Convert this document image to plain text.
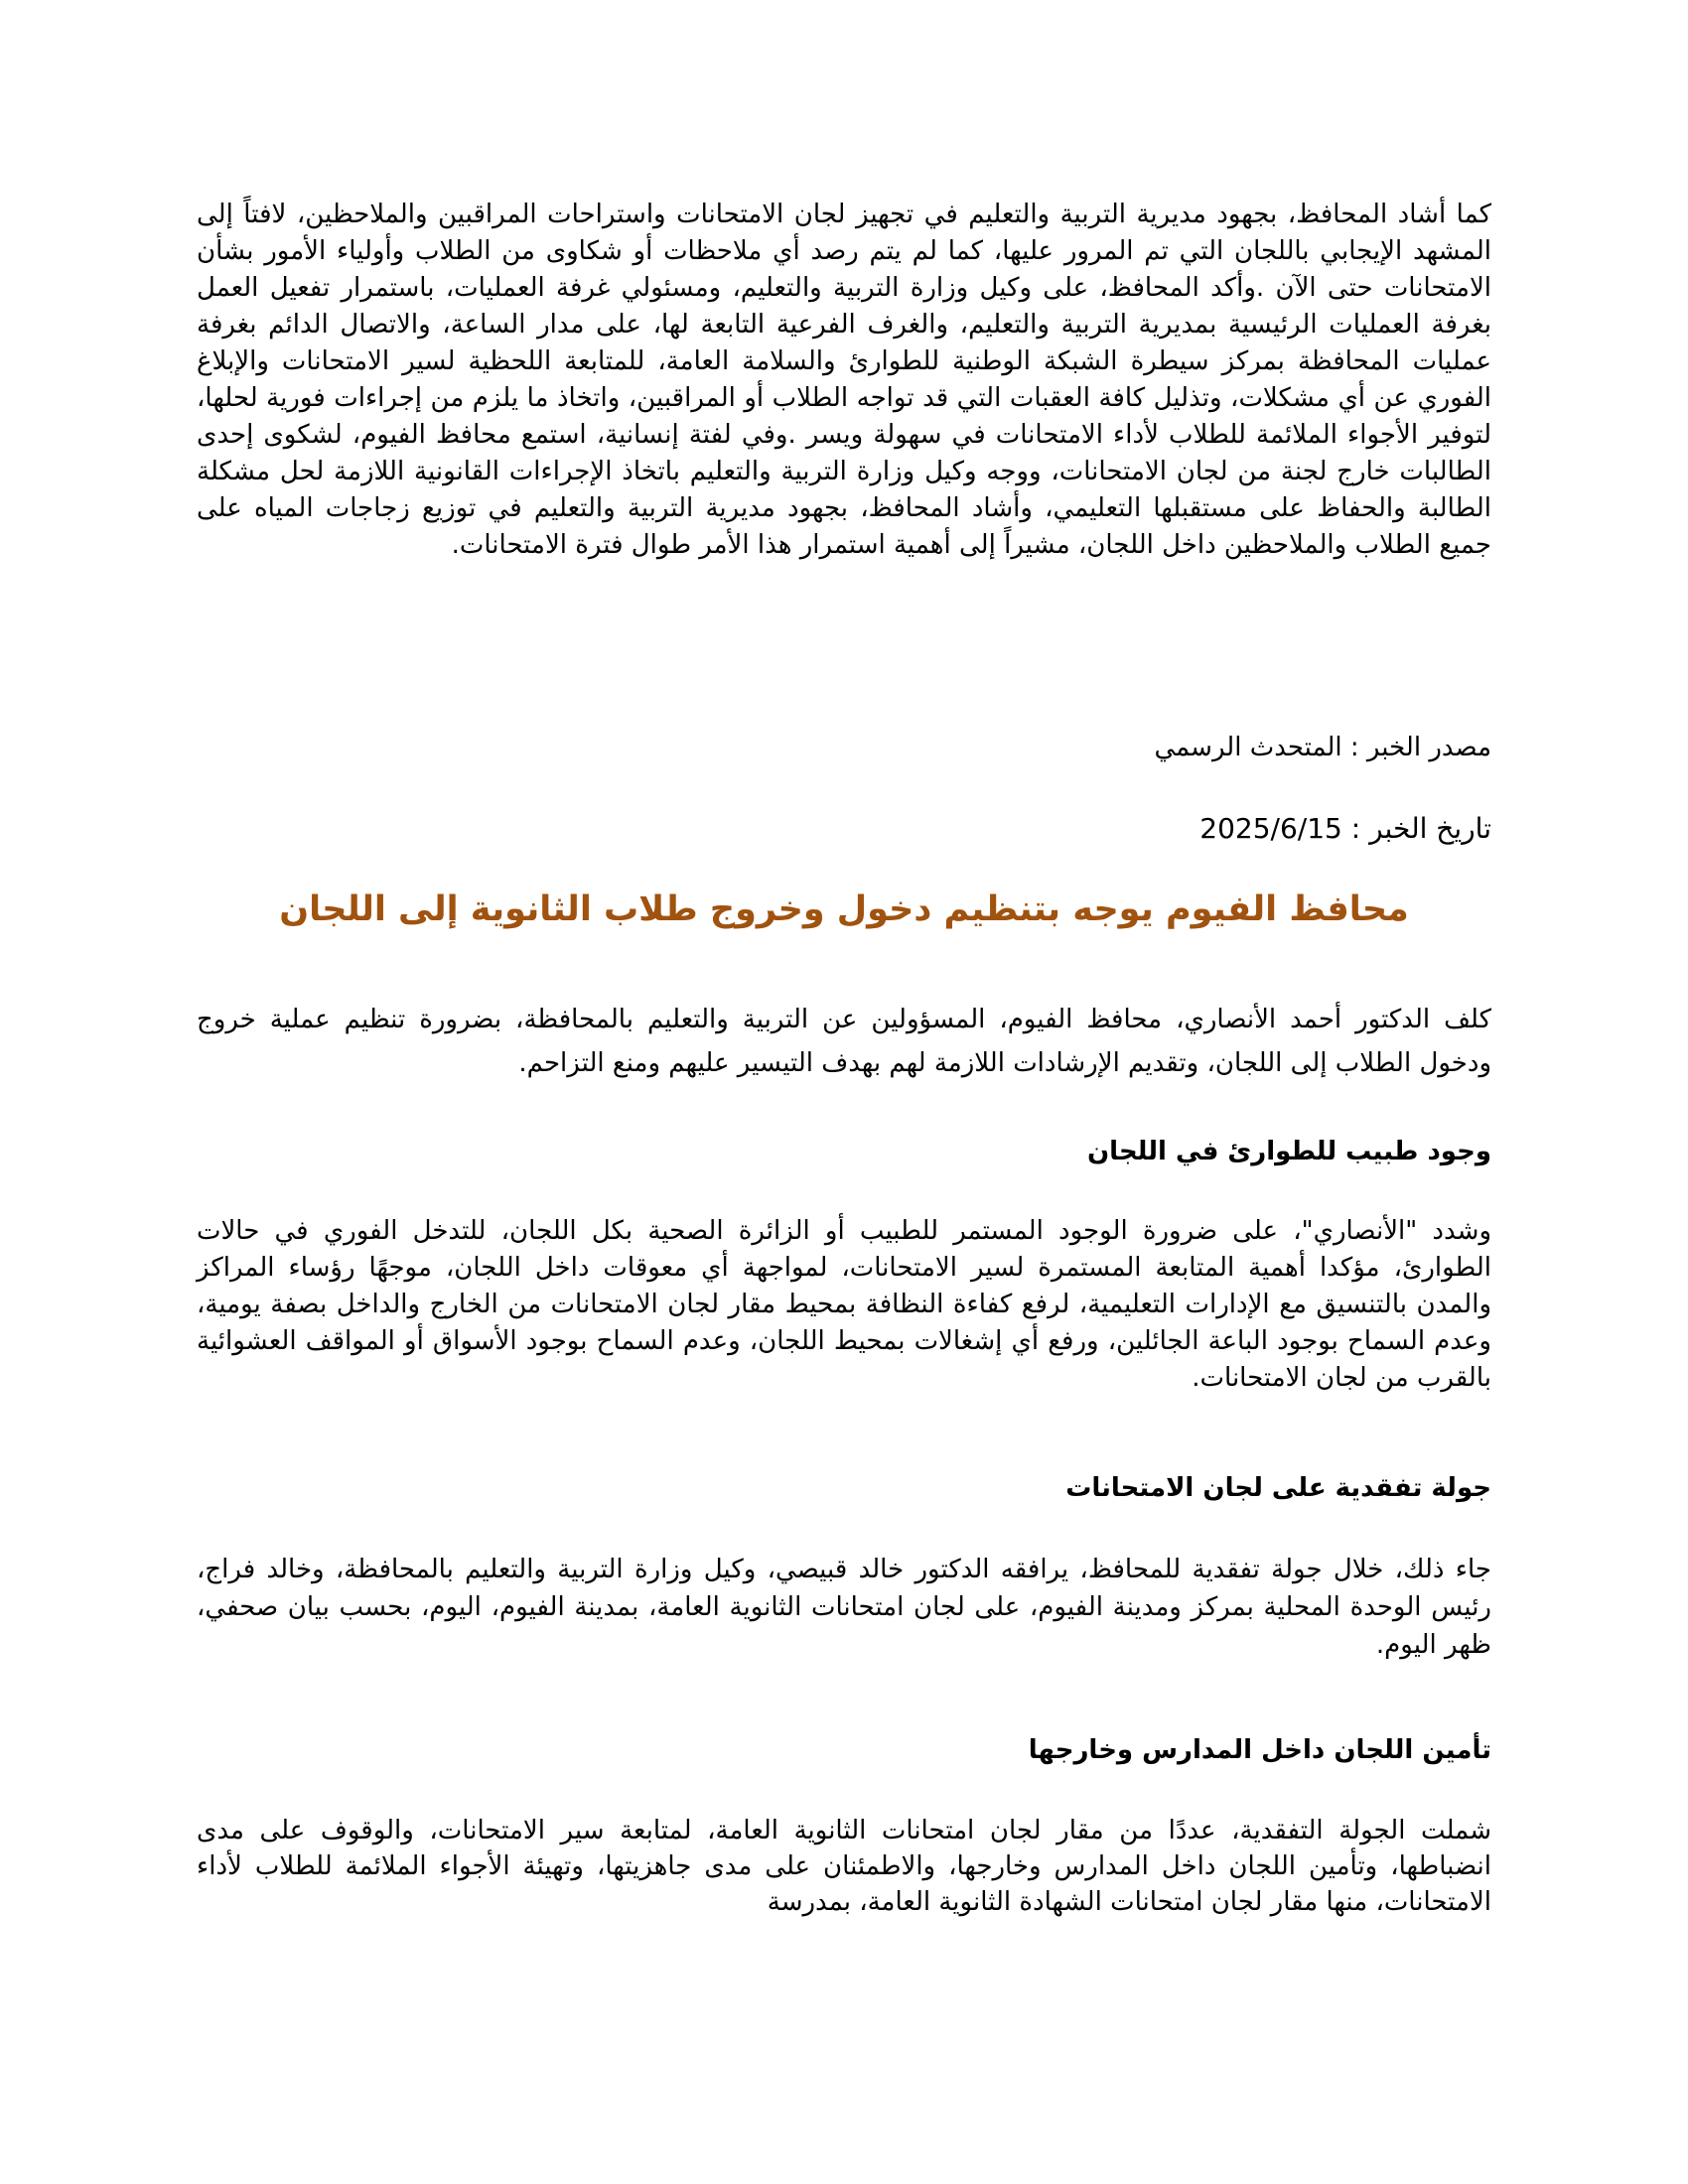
كما أشاد المحافظ، بجهود مديرية التربية والتعليم في تجهيز لجان الامتحانات واستراحات المراقبين والملاحظين، لافتاً إلى المشهد الإيجابي باللجان التي تم المرور عليها، كما لم يتم رصد أي ملاحظات أو شكاوى من الطلاب وأولياء الأمور بشأن الامتحانات حتى الآن .وأكد المحافظ، على وكيل وزارة التربية والتعليم، ومسئولي غرفة العمليات، باستمرار تفعيل العمل بغرفة العمليات الرئيسية بمديرية التربية والتعليم، والغرف الفرعية التابعة لها، على مدار الساعة، والاتصال الدائم بغرفة عمليات المحافظة بمركز سيطرة الشبكة الوطنية للطوارئ والسلامة العامة، للمتابعة اللحظية لسير الامتحانات والإبلاغ الفوري عن أي مشكلات، وتذليل كافة العقبات التي قد تواجه الطلاب أو المراقبين، واتخاذ ما يلزم من إجراءات فورية لحلها، لتوفير الأجواء الملائمة للطلاب لأداء الامتحانات في سهولة ويسر .وفي لفتة إنسانية، استمع محافظ الفيوم، لشكوى إحدى الطالبات خارج لجنة من لجان الامتحانات، ووجه وكيل وزارة التربية والتعليم باتخاذ الإجراءات القانونية اللازمة لحل مشكلة الطالبة والحفاظ على مستقبلها التعليمي، وأشاد المحافظ، بجهود مديرية التربية والتعليم في توزيع زجاجات المياه على جميع الطلاب والملاحظين داخل اللجان، مشيراً إلى أهمية استمرار هذا الأمر طوال فترة الامتحانات.

مصدر الخبر : المتحدث الرسمي

تاريخ الخبر : 2025/6/15

محافظ الفيوم يوجه بتنظيم دخول وخروج طلاب الثانوية إلى اللجان

كلف الدكتور أحمد الأنصاري، محافظ الفيوم، المسؤولين عن التربية والتعليم بالمحافظة، بضرورة تنظيم عملية خروج ودخول الطلاب إلى اللجان، وتقديم الإرشادات اللازمة لهم بهدف التيسير عليهم ومنع التزاحم.

وجود طبيب للطوارئ في اللجان

وشدد "الأنصاري"، على ضرورة الوجود المستمر للطبيب أو الزائرة الصحية بكل اللجان، للتدخل الفوري في حالات الطوارئ، مؤكدا أهمية المتابعة المستمرة لسير الامتحانات، لمواجهة أي معوقات داخل اللجان، موجهًا رؤساء المراكز والمدن بالتنسيق مع الإدارات التعليمية، لرفع كفاءة النظافة بمحيط مقار لجان الامتحانات من الخارج والداخل بصفة يومية، وعدم السماح بوجود الباعة الجائلين، ورفع أي إشغالات بمحيط اللجان، وعدم السماح بوجود الأسواق أو المواقف العشوائية بالقرب من لجان الامتحانات.

جولة تفقدية على لجان الامتحانات

جاء ذلك، خلال جولة تفقدية للمحافظ، يرافقه الدكتور خالد قبيصي، وكيل وزارة التربية والتعليم بالمحافظة، وخالد فراج، رئيس الوحدة المحلية بمركز ومدينة الفيوم، على لجان امتحانات الثانوية العامة، بمدينة الفيوم، اليوم، بحسب بيان صحفي، ظهر اليوم.

تأمين اللجان داخل المدارس وخارجها

شملت الجولة التفقدية، عددًا من مقار لجان امتحانات الثانوية العامة، لمتابعة سير الامتحانات، والوقوف على مدى انضباطها، وتأمين اللجان داخل المدارس وخارجها، والاطمئنان على مدى جاهزيتها، وتهيئة الأجواء الملائمة للطلاب لأداء الامتحانات، منها مقار لجان امتحانات الشهادة الثانوية العامة، بمدرسة
